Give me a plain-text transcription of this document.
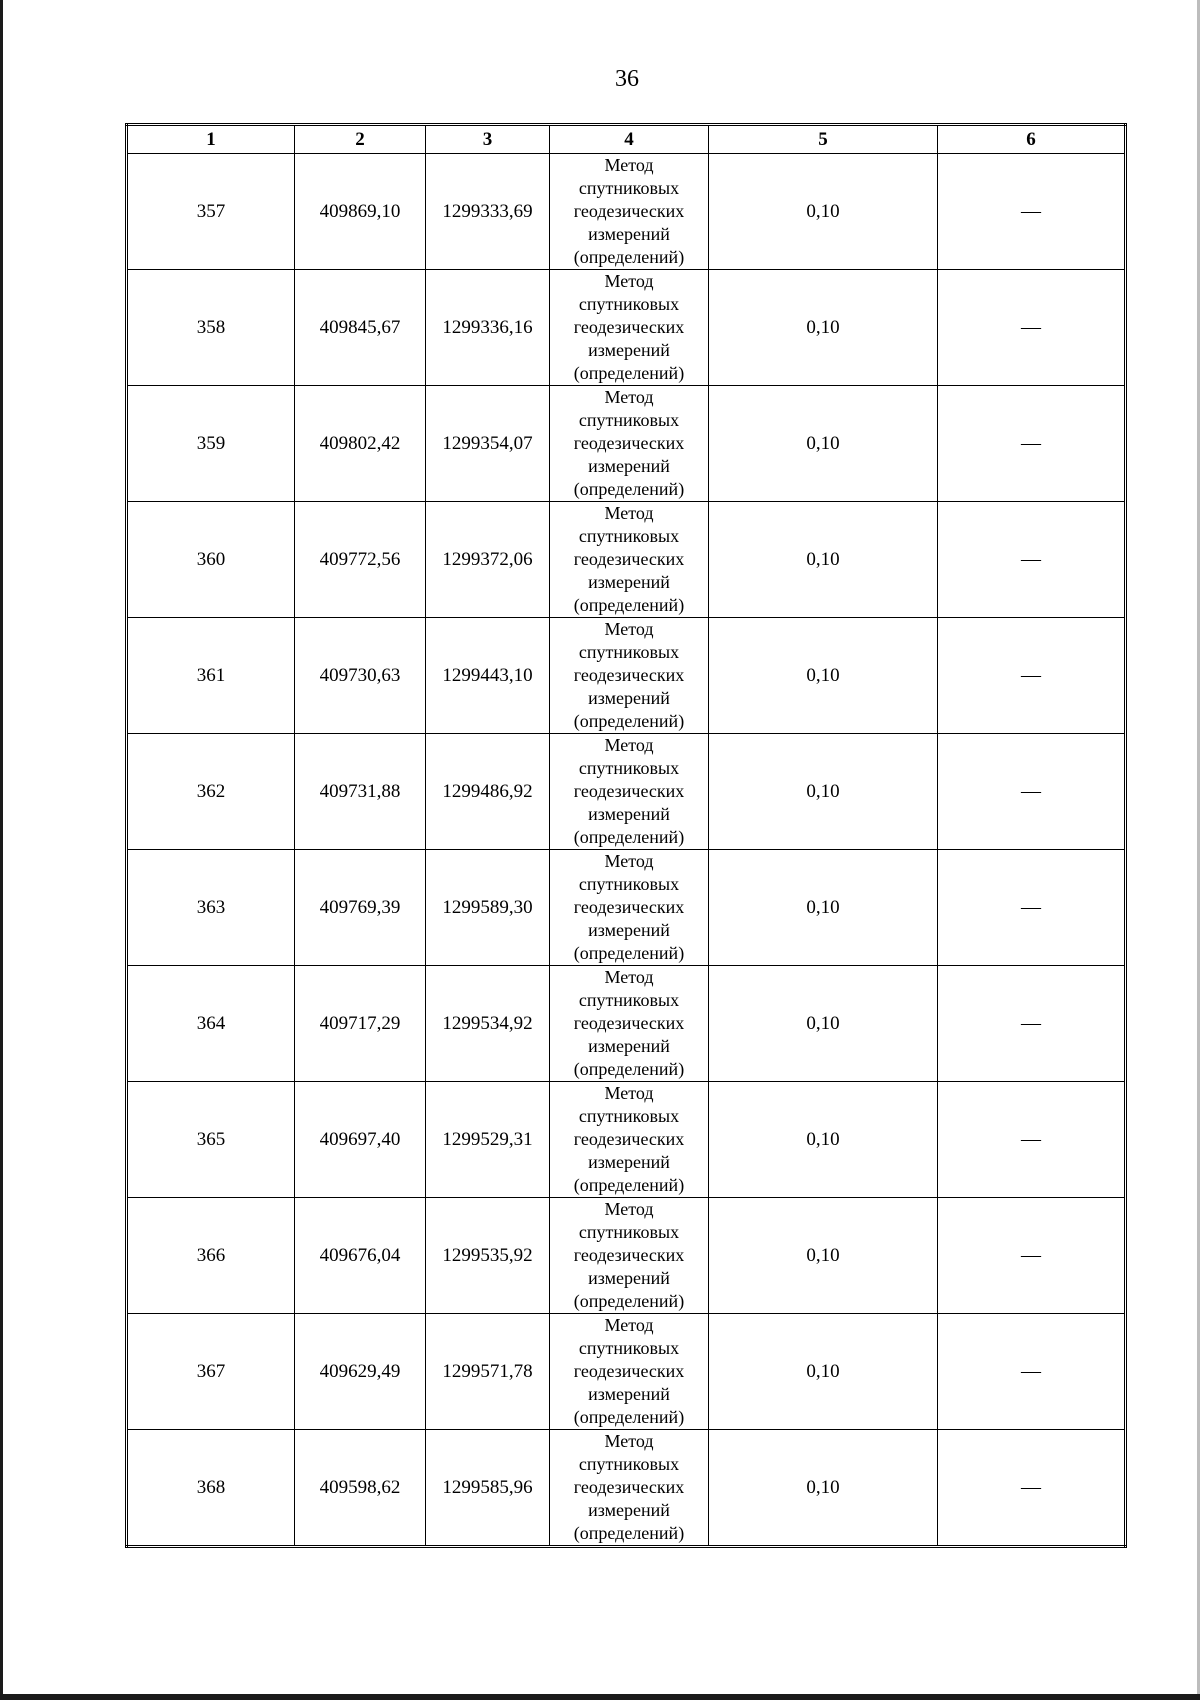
36
1	2	3	4	5	6
357	409869,10	1299333,69	Метод
спутниковых
геодезических
измерений
(определений)	0,10	—
358	409845,67	1299336,16	Метод
спутниковых
геодезических
измерений
(определений)	0,10	—
359	409802,42	1299354,07	Метод
спутниковых
геодезических
измерений
(определений)	0,10	—
360	409772,56	1299372,06	Метод
спутниковых
геодезических
измерений
(определений)	0,10	—
361	409730,63	1299443,10	Метод
спутниковых
геодезических
измерений
(определений)	0,10	—
362	409731,88	1299486,92	Метод
спутниковых
геодезических
измерений
(определений)	0,10	—
363	409769,39	1299589,30	Метод
спутниковых
геодезических
измерений
(определений)	0,10	—
364	409717,29	1299534,92	Метод
спутниковых
геодезических
измерений
(определений)	0,10	—
365	409697,40	1299529,31	Метод
спутниковых
геодезических
измерений
(определений)	0,10	—
366	409676,04	1299535,92	Метод
спутниковых
геодезических
измерений
(определений)	0,10	—
367	409629,49	1299571,78	Метод
спутниковых
геодезических
измерений
(определений)	0,10	—
368	409598,62	1299585,96	Метод
спутниковых
геодезических
измерений
(определений)	0,10	—
